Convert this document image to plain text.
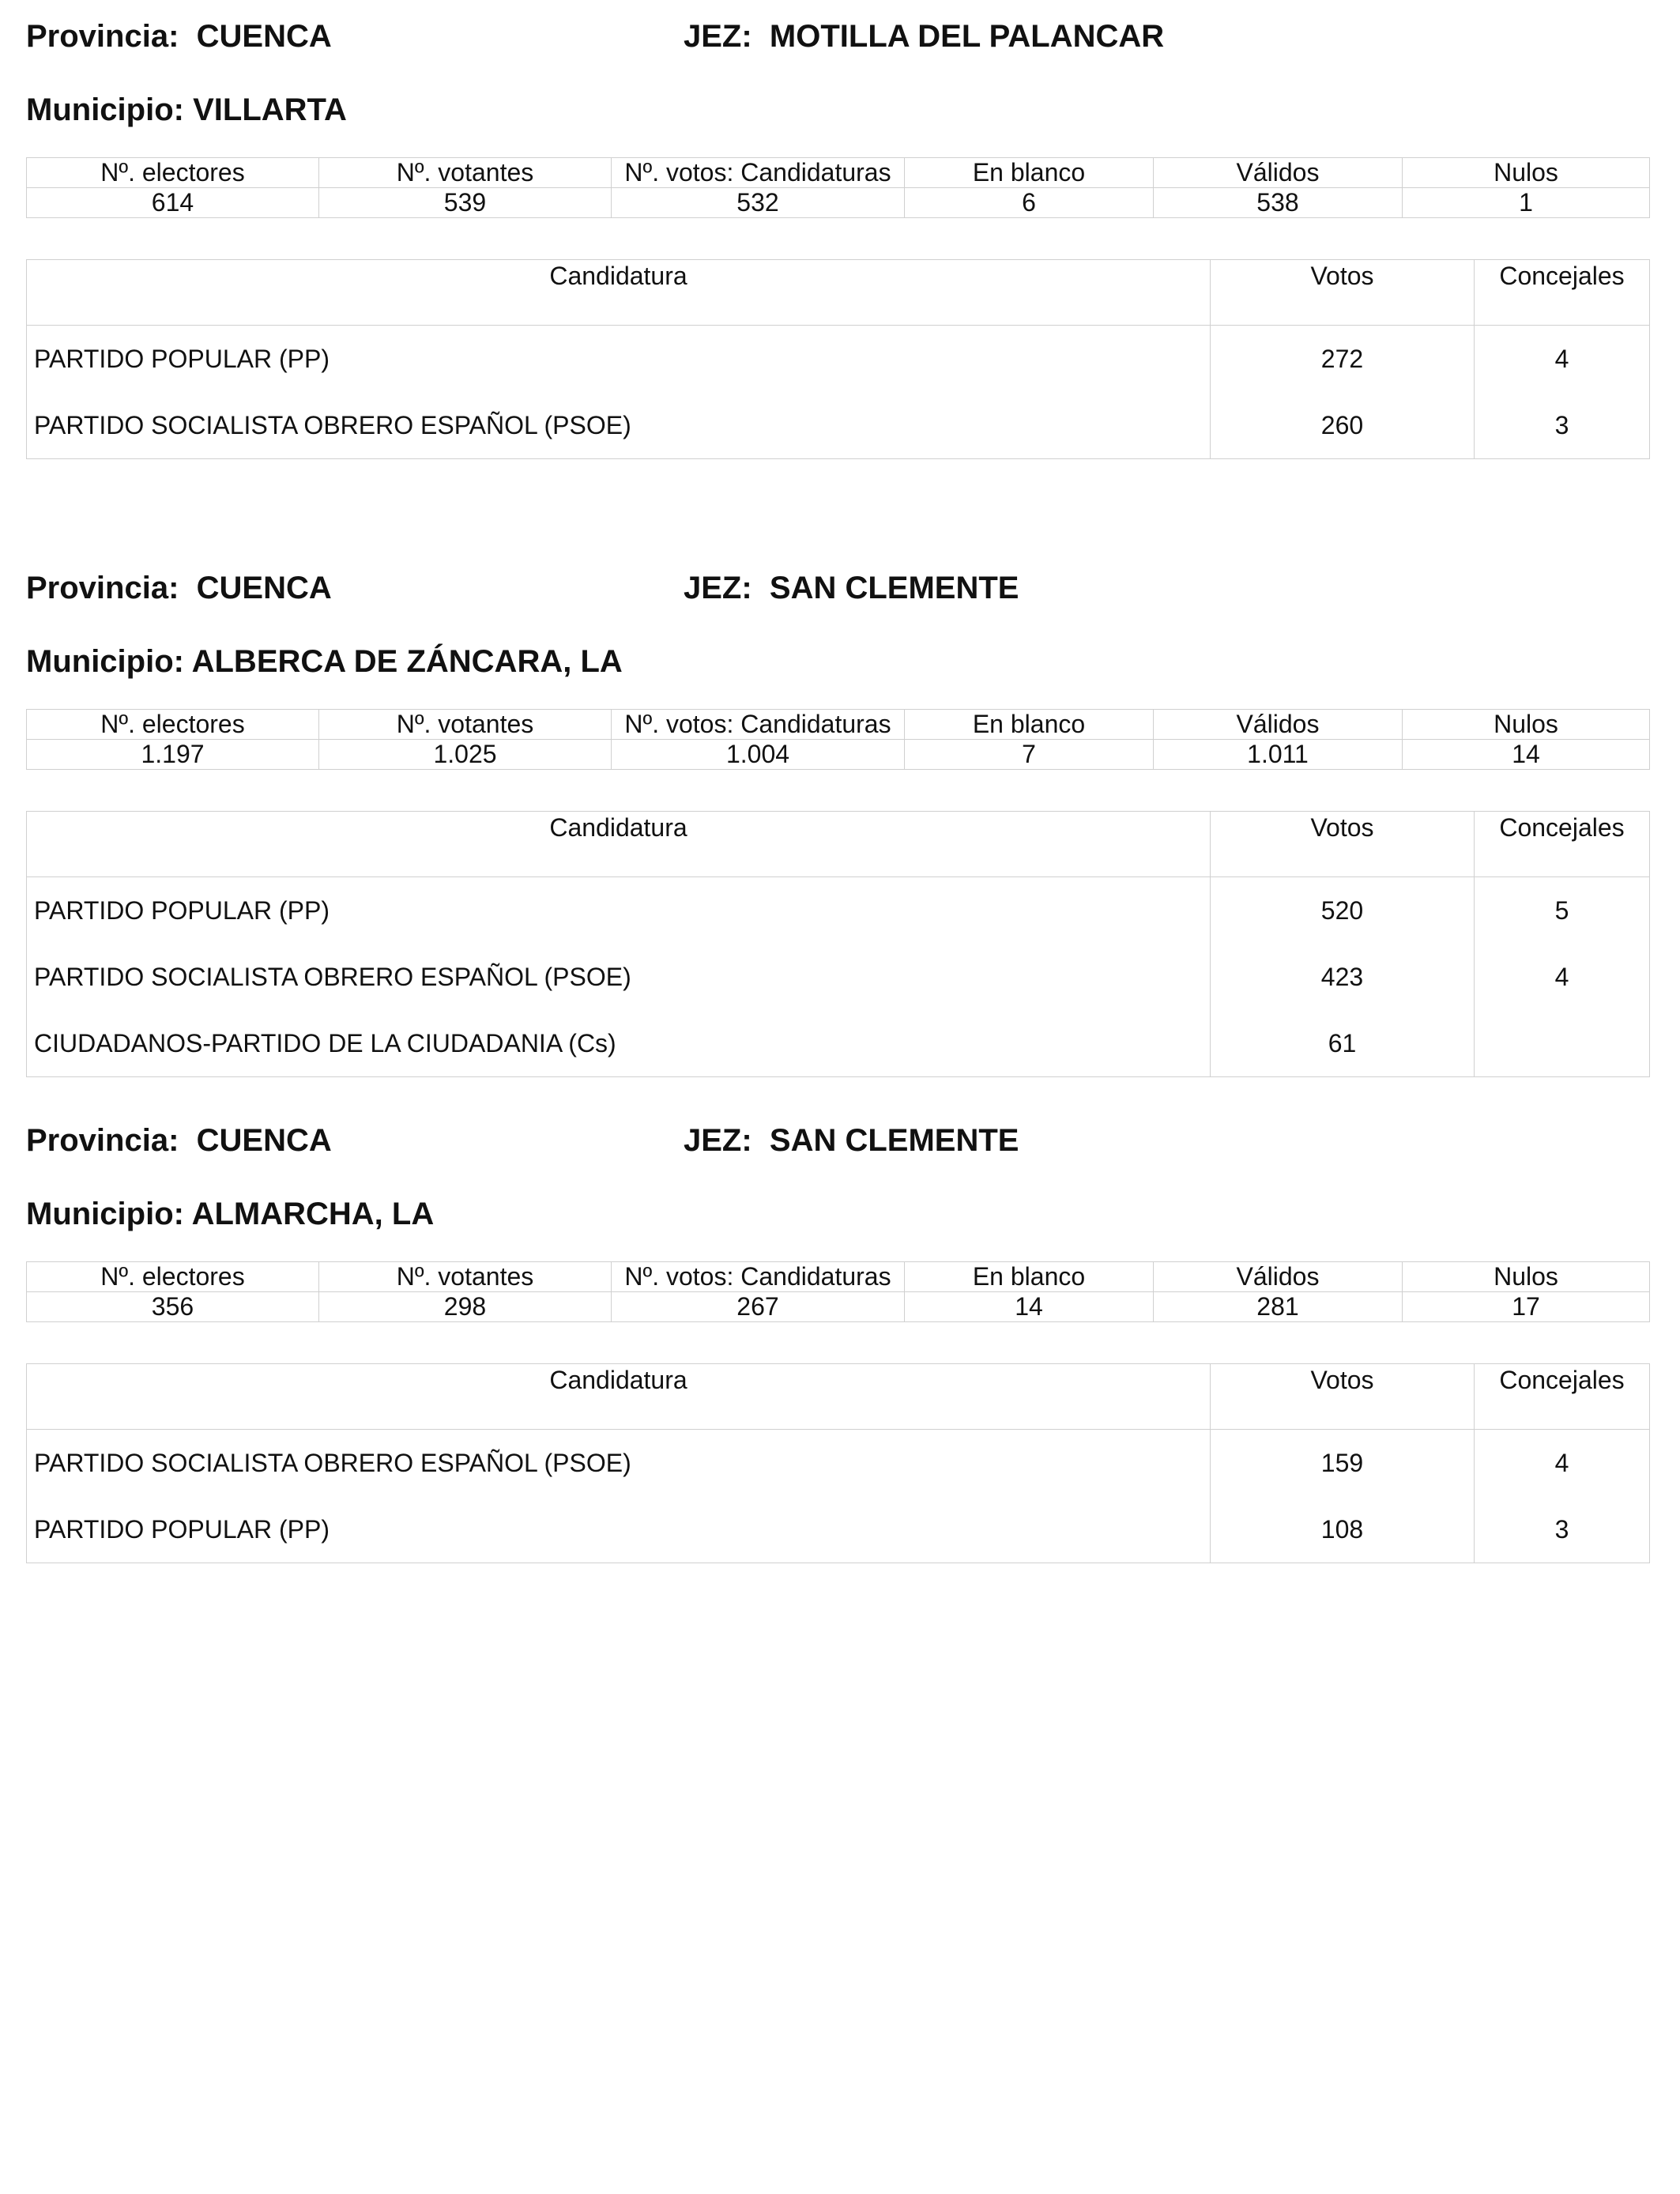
Provincia: CUENCA	JEZ: MOTILLA DEL PALANCAR
Municipio: VILLARTA
Nº. electores	Nº. votantes	Nº. votos: Candidaturas	En blanco	Válidos	Nulos
614	539	532	6	538	1
Candidatura	Votos	Concejales
PARTIDO POPULAR (PP)	272	4
PARTIDO SOCIALISTA OBRERO ESPAÑOL (PSOE)	260	3
Provincia: CUENCA	JEZ: SAN CLEMENTE
Municipio: ALBERCA DE ZÁNCARA, LA
Nº. electores	Nº. votantes	Nº. votos: Candidaturas	En blanco	Válidos	Nulos
1.197	1.025	1.004	7	1.011	14
Candidatura	Votos	Concejales
PARTIDO POPULAR (PP)	520	5
PARTIDO SOCIALISTA OBRERO ESPAÑOL (PSOE)	423	4
CIUDADANOS-PARTIDO DE LA CIUDADANIA (Cs)	61	
Provincia: CUENCA	JEZ: SAN CLEMENTE
Municipio: ALMARCHA, LA
Nº. electores	Nº. votantes	Nº. votos: Candidaturas	En blanco	Válidos	Nulos
356	298	267	14	281	17
Candidatura	Votos	Concejales
PARTIDO SOCIALISTA OBRERO ESPAÑOL (PSOE)	159	4
PARTIDO POPULAR (PP)	108	3
